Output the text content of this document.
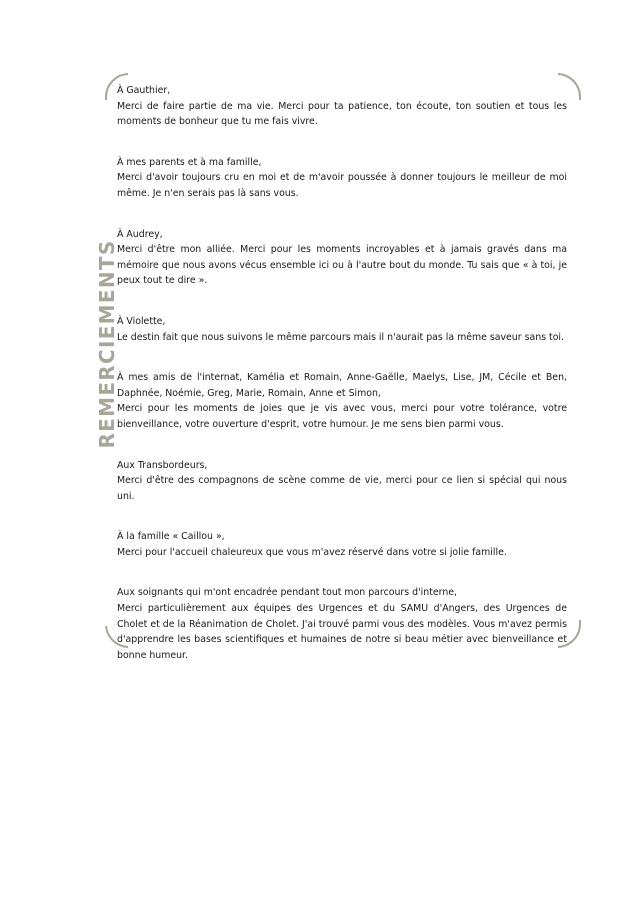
REMERCIEMENTS

À Gauthier,
Merci de faire partie de ma vie. Merci pour ta patience, ton écoute, ton soutien et tous les moments de bonheur que tu me fais vivre.

À mes parents et à ma famille,
Merci d'avoir toujours cru en moi et de m'avoir poussée à donner toujours le meilleur de moi même. Je n'en serais pas là sans vous.

À Audrey,
Merci d'être mon alliée. Merci pour les moments incroyables et à jamais gravés dans ma mémoire que nous avons vécus ensemble ici ou à l'autre bout du monde. Tu sais que « à toi, je peux tout te dire ».

À Violette,
Le destin fait que nous suivons le même parcours mais il n'aurait pas la même saveur sans toi.

À mes amis de l'internat, Kamélia et Romain, Anne-Gaëlle, Maelys, Lise, JM, Cécile et Ben, Daphnée, Noémie, Greg, Marie, Romain, Anne et Simon,
Merci pour les moments de joies que je vis avec vous, merci pour votre tolérance, votre bienveillance, votre ouverture d'esprit, votre humour. Je me sens bien parmi vous.

Aux Transbordeurs,
Merci d'être des compagnons de scène comme de vie, merci pour ce lien si spécial qui nous uni.

À la famille « Caillou »,
Merci pour l'accueil chaleureux que vous m'avez réservé dans votre si jolie famille.

Aux soignants qui m'ont encadrée pendant tout mon parcours d'interne,
Merci particulièrement aux équipes des Urgences et du SAMU d'Angers, des Urgences de Cholet et de la Réanimation de Cholet. J'ai trouvé parmi vous des modèles. Vous m'avez permis d'apprendre les bases scientifiques et humaines de notre si beau métier avec bienveillance et bonne humeur.
